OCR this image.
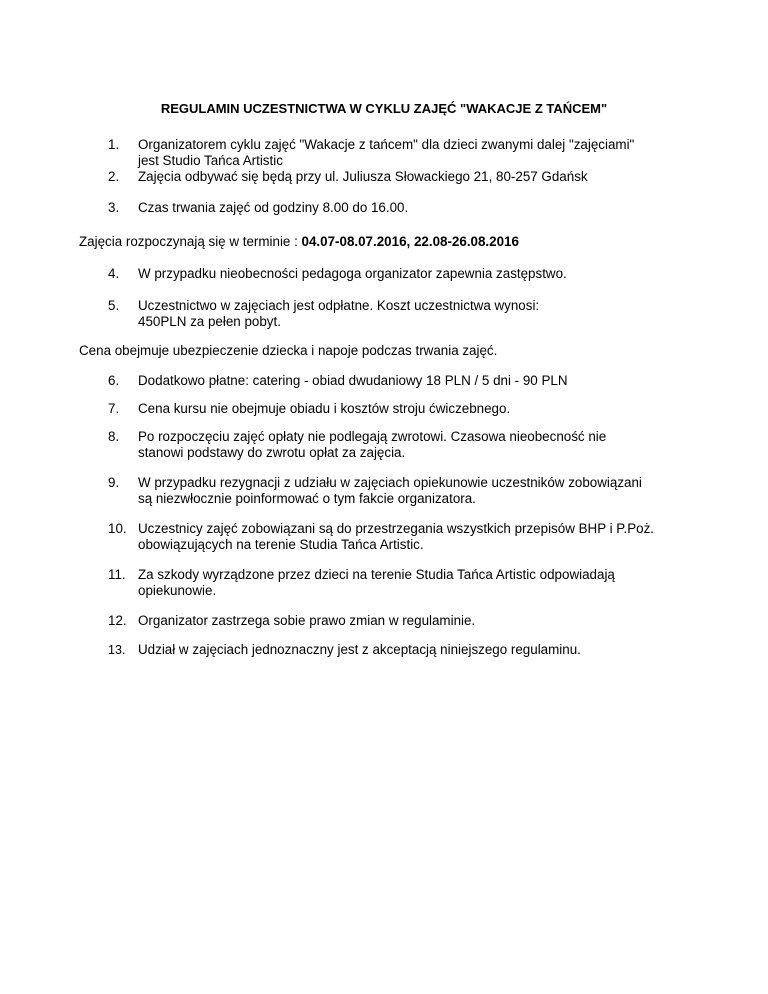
REGULAMIN UCZESTNICTWA W CYKLU ZAJĘĆ "WAKACJE Z TAŃCEM"
1. Organizatorem cyklu zajęć "Wakacje z tańcem" dla dzieci zwanymi dalej "zajęciami"
jest Studio Tańca Artistic
2. Zajęcia odbywać się będą przy ul. Juliusza Słowackiego 21, 80-257 Gdańsk
3. Czas trwania zajęć od godziny 8.00 do 16.00.
Zajęcia rozpoczynają się w terminie : 04.07-08.07.2016, 22.08-26.08.2016
4. W przypadku nieobecności pedagoga organizator zapewnia zastępstwo.
5. Uczestnictwo w zajęciach jest odpłatne. Koszt uczestnictwa wynosi:
450PLN za pełen pobyt.
Cena obejmuje ubezpieczenie dziecka i napoje podczas trwania zajęć.
6. Dodatkowo płatne: catering - obiad dwudaniowy 18 PLN / 5 dni - 90 PLN
7. Cena kursu nie obejmuje obiadu i kosztów stroju ćwiczebnego.
8. Po rozpoczęciu zajęć opłaty nie podlegają zwrotowi. Czasowa nieobecność nie
stanowi podstawy do zwrotu opłat za zajęcia.
9. W przypadku rezygnacji z udziału w zajęciach opiekunowie uczestników zobowiązani
są niezwłocznie poinformować o tym fakcie organizatora.
10. Uczestnicy zajęć zobowiązani są do przestrzegania wszystkich przepisów BHP i P.Poż.
obowiązujących na terenie Studia Tańca Artistic.
11. Za szkody wyrządzone przez dzieci na terenie Studia Tańca Artistic odpowiadają
opiekunowie.
12. Organizator zastrzega sobie prawo zmian w regulaminie.
13. Udział w zajęciach jednoznaczny jest z akceptacją niniejszego regulaminu.
